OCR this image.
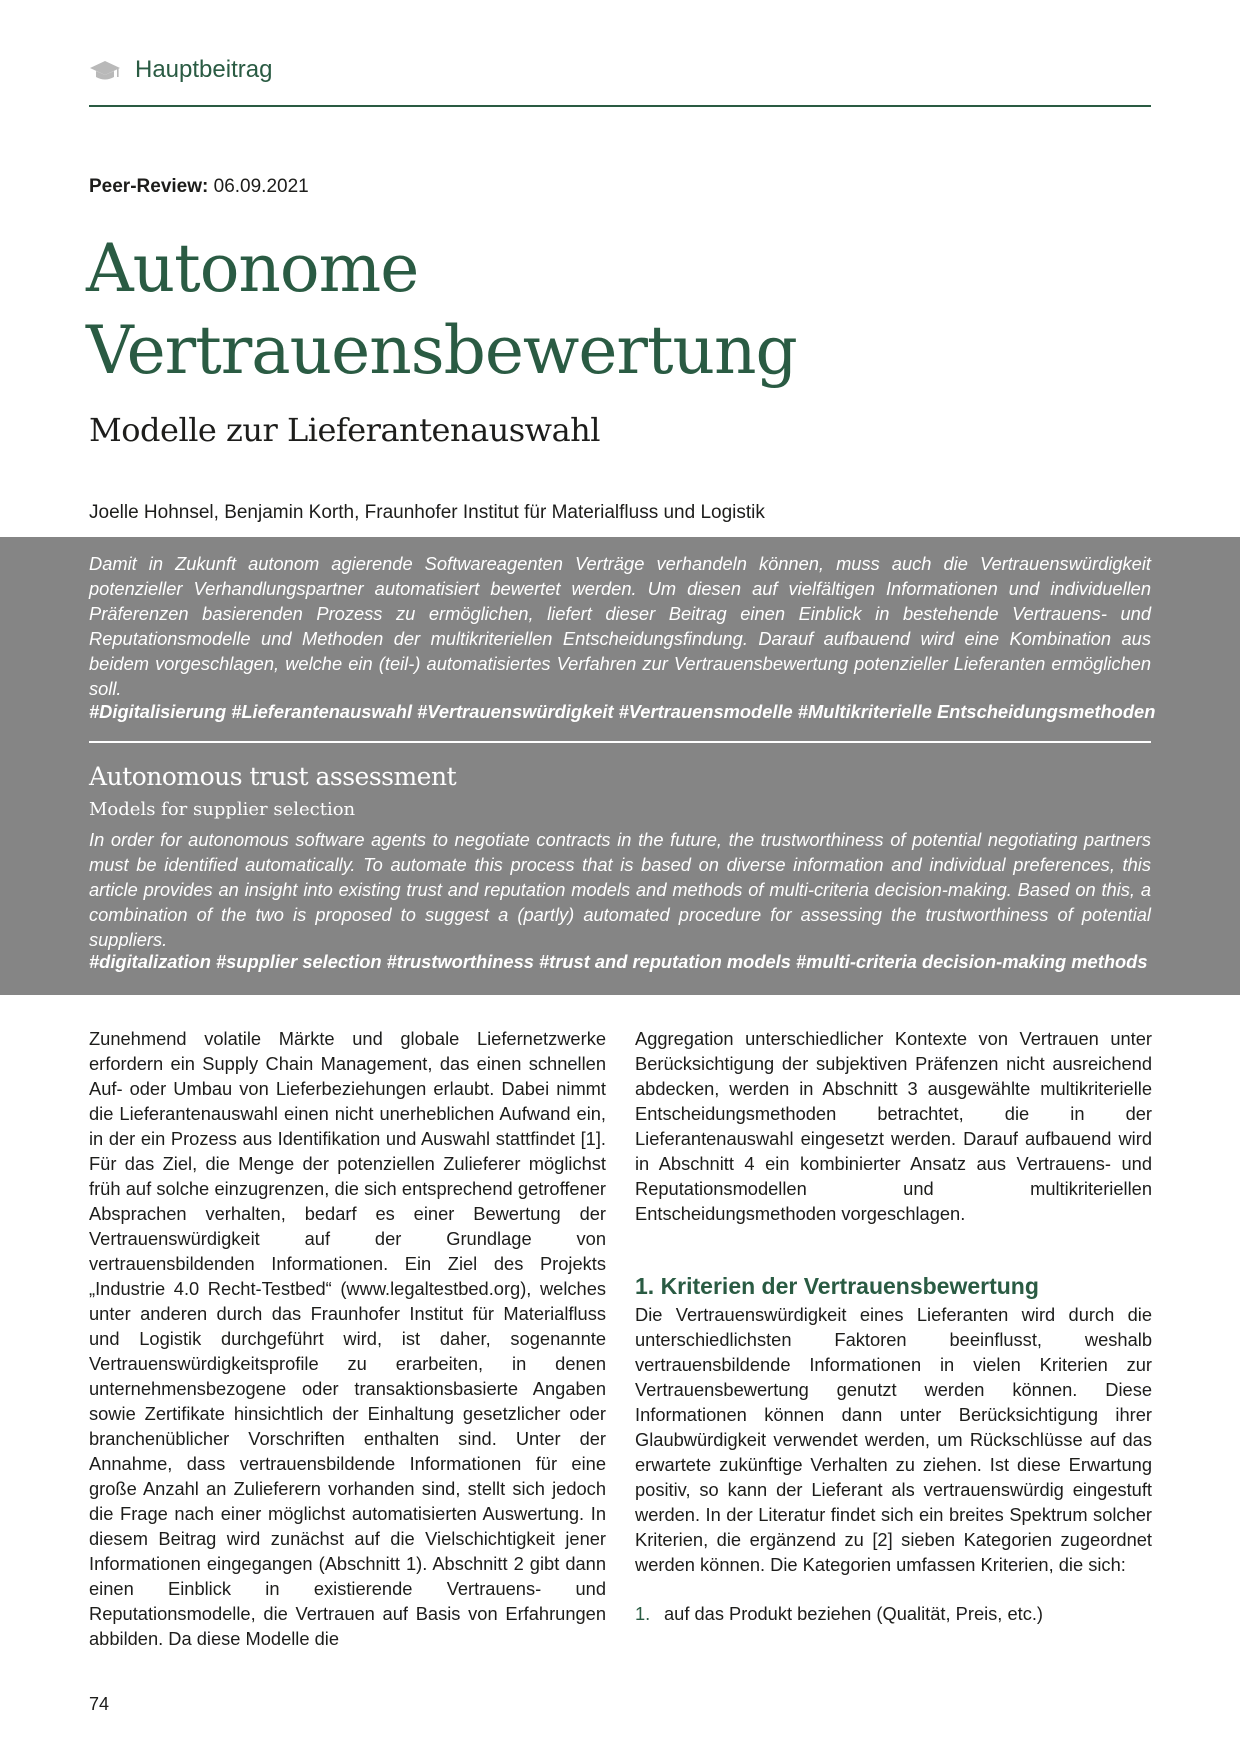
Hauptbeitrag
Peer-Review: 06.09.2021
Autonome
Vertrauensbewertung
Modelle zur Lieferantenauswahl
Joelle Hohnsel, Benjamin Korth, Fraunhofer Institut für Materialfluss und Logistik
Damit in Zukunft autonom agierende Softwareagenten Verträge verhandeln können, muss auch die Vertrauenswürdigkeit potenzieller Verhandlungspartner automatisiert bewertet werden. Um diesen auf vielfältigen Informationen und individuellen Präferenzen basierenden Prozess zu ermöglichen, liefert dieser Beitrag einen Einblick in bestehende Vertrauens- und Reputationsmodelle und Methoden der multikriteriellen Entscheidungsfindung. Darauf aufbauend wird eine Kombination aus beidem vorgeschlagen, welche ein (teil-) automatisiertes Verfahren zur Vertrauensbewertung potenzieller Lieferanten ermöglichen soll.
#Digitalisierung #Lieferantenauswahl #Vertrauenswürdigkeit #Vertrauensmodelle #Multikriterielle Entscheidungsmethoden
Autonomous trust assessment
Models for supplier selection
In order for autonomous software agents to negotiate contracts in the future, the trustworthiness of potential negotiating partners must be identified automatically. To automate this process that is based on diverse information and individual preferences, this article provides an insight into existing trust and reputation models and methods of multi-criteria decision-making. Based on this, a combination of the two is proposed to suggest a (partly) automated procedure for assessing the trustworthiness of potential suppliers.
#digitalization #supplier selection #trustworthiness #trust and reputation models #multi-criteria decision-making methods

Zunehmend volatile Märkte und globale Liefernetzwerke erfordern ein Supply Chain Management, das einen schnellen Auf- oder Umbau von Lieferbeziehungen erlaubt. Dabei nimmt die Lieferantenauswahl einen nicht unerheblichen Aufwand ein, in der ein Prozess aus Identifikation und Auswahl stattfindet [1]. Für das Ziel, die Menge der potenziellen Zulieferer möglichst früh auf solche einzugrenzen, die sich entsprechend getroffener Absprachen verhalten, bedarf es einer Bewertung der Vertrauenswürdigkeit auf der Grundlage von vertrauensbildenden Informationen. Ein Ziel des Projekts „Industrie 4.0 Recht-Testbed“ (www.legaltestbed.org), welches unter anderen durch das Fraunhofer Institut für Materialfluss und Logistik durchgeführt wird, ist daher, sogenannte Vertrauenswürdigkeitsprofile zu erarbeiten, in denen unternehmensbezogene oder transaktionsbasierte Angaben sowie Zertifikate hinsichtlich der Einhaltung gesetzlicher oder branchenüblicher Vorschriften enthalten sind. Unter der Annahme, dass vertrauensbildende Informationen für eine große Anzahl an Zulieferern vorhanden sind, stellt sich jedoch die Frage nach einer möglichst automatisierten Auswertung. In diesem Beitrag wird zunächst auf die Vielschichtigkeit jener Informationen eingegangen (Abschnitt 1). Abschnitt 2 gibt dann einen Einblick in existierende Vertrauens- und Reputationsmodelle, die Vertrauen auf Basis von Erfahrungen abbilden. Da diese Modelle die

Aggregation unterschiedlicher Kontexte von Vertrauen unter Berücksichtigung der subjektiven Präfenzen nicht ausreichend abdecken, werden in Abschnitt 3 ausgewählte multikriterielle Entscheidungsmethoden betrachtet, die in der Lieferantenauswahl eingesetzt werden. Darauf aufbauend wird in Abschnitt 4 ein kombinierter Ansatz aus Vertrauens- und Reputationsmodellen und multikriteriellen Entscheidungsmethoden vorgeschlagen.

1. Kriterien der Vertrauensbewertung

Die Vertrauenswürdigkeit eines Lieferanten wird durch die unterschiedlichsten Faktoren beeinflusst, weshalb vertrauensbildende Informationen in vielen Kriterien zur Vertrauensbewertung genutzt werden können. Diese Informationen können dann unter Berücksichtigung ihrer Glaubwürdigkeit verwendet werden, um Rückschlüsse auf das erwartete zukünftige Verhalten zu ziehen. Ist diese Erwartung positiv, so kann der Lieferant als vertrauenswürdig eingestuft werden. In der Literatur findet sich ein breites Spektrum solcher Kriterien, die ergänzend zu [2] sieben Kategorien zugeordnet werden können. Die Kategorien umfassen Kriterien, die sich:

1. auf das Produkt beziehen (Qualität, Preis, etc.)
74
